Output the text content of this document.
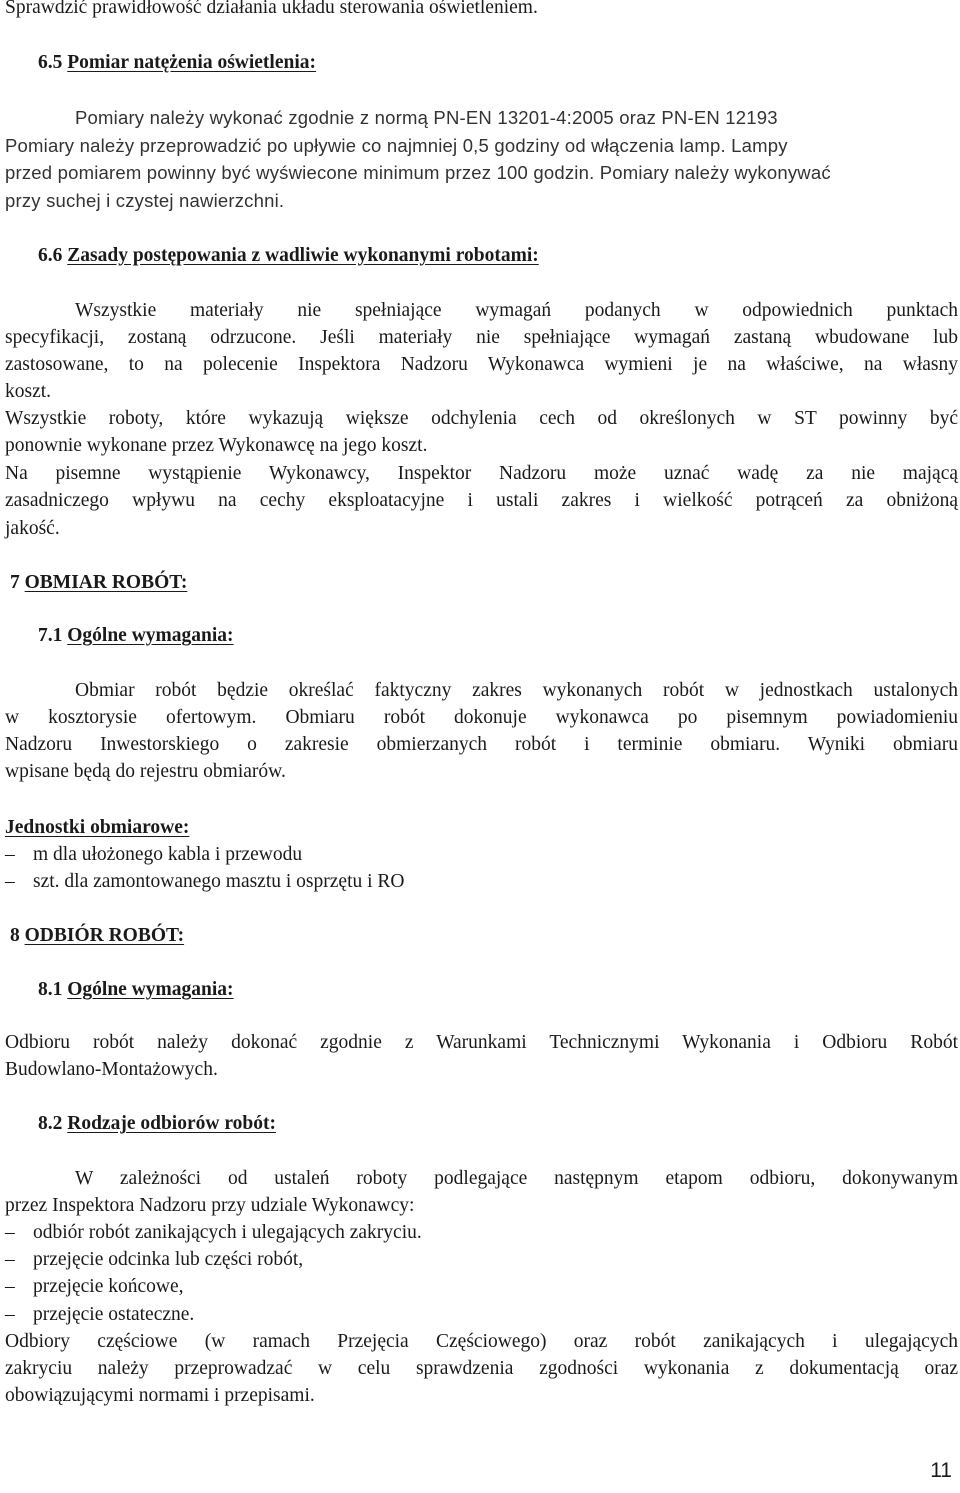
Sprawdzić prawidłowość działania układu sterowania oświetleniem.
6.5 Pomiar natężenia oświetlenia:
Pomiary należy wykonać zgodnie z normą PN-EN 13201-4:2005 oraz PN-EN 12193
Pomiary należy przeprowadzić po upływie co najmniej 0,5 godziny od włączenia lamp. Lampy
przed pomiarem powinny być wyświecone minimum przez 100 godzin. Pomiary należy wykonywać
przy suchej i czystej nawierzchni.
6.6 Zasady postępowania z wadliwie wykonanymi robotami:
Wszystkie materiały nie spełniające wymagań podanych w odpowiednich punktach
specyfikacji, zostaną odrzucone. Jeśli materiały nie spełniające wymagań zastaną wbudowane lub
zastosowane, to na polecenie Inspektora Nadzoru Wykonawca wymieni je na właściwe, na własny
koszt.
Wszystkie roboty, które wykazują większe odchylenia cech od określonych w ST powinny być
ponownie wykonane przez Wykonawcę na jego koszt.
Na pisemne wystąpienie Wykonawcy, Inspektor Nadzoru może uznać wadę za nie mającą
zasadniczego wpływu na cechy eksploatacyjne i ustali zakres i wielkość potrąceń za obniżoną
jakość.
7 OBMIAR ROBÓT:
7.1 Ogólne wymagania:
Obmiar robót będzie określać faktyczny zakres wykonanych robót w jednostkach ustalonych
w kosztorysie ofertowym. Obmiaru robót dokonuje wykonawca po pisemnym powiadomieniu
Nadzoru Inwestorskiego o zakresie obmierzanych robót i terminie obmiaru. Wyniki obmiaru
wpisane będą do rejestru obmiarów.
Jednostki obmiarowe:
– m dla ułożonego kabla i przewodu
– szt. dla zamontowanego masztu i osprzętu i RO
8 ODBIÓR ROBÓT:
8.1 Ogólne wymagania:
Odbioru robót należy dokonać zgodnie z Warunkami Technicznymi Wykonania i Odbioru Robót
Budowlano-Montażowych.
8.2 Rodzaje odbiorów robót:
W zależności od ustaleń roboty podlegające następnym etapom odbioru, dokonywanym
przez Inspektora Nadzoru przy udziale Wykonawcy:
– odbiór robót zanikających i ulegających zakryciu.
– przejęcie odcinka lub części robót,
– przejęcie końcowe,
– przejęcie ostateczne.
Odbiory częściowe (w ramach Przejęcia Częściowego) oraz robót zanikających i ulegających
zakryciu należy przeprowadzać w celu sprawdzenia zgodności wykonania z dokumentacją oraz
obowiązującymi normami i przepisami.
11
